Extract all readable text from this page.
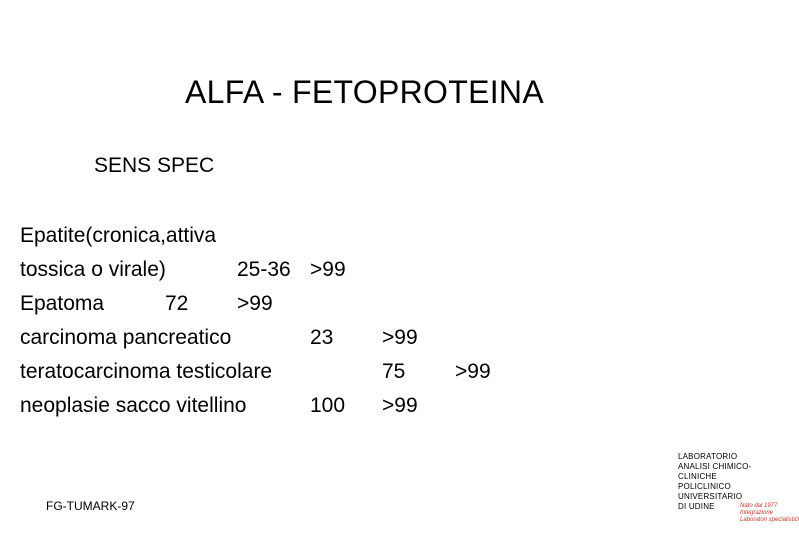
ALFA - FETOPROTEINA
SENS SPEC
Epatite(cronica,attiva
tossica o virale)	25-36 >99
Epatoma	72 >99
carcinoma pancreatico	23 >99
teratocarcinoma testicolare	75 >99
neoplasie sacco vitellino	100 >99
FG-TUMARK-97
LABORATORIO
ANALISI CHIMICO-
CLINICHE
POLICLINICO
UNIVERSITARIO
DI UDINE	Nato dal 1977
Integrazione
Laboratori specialistici
